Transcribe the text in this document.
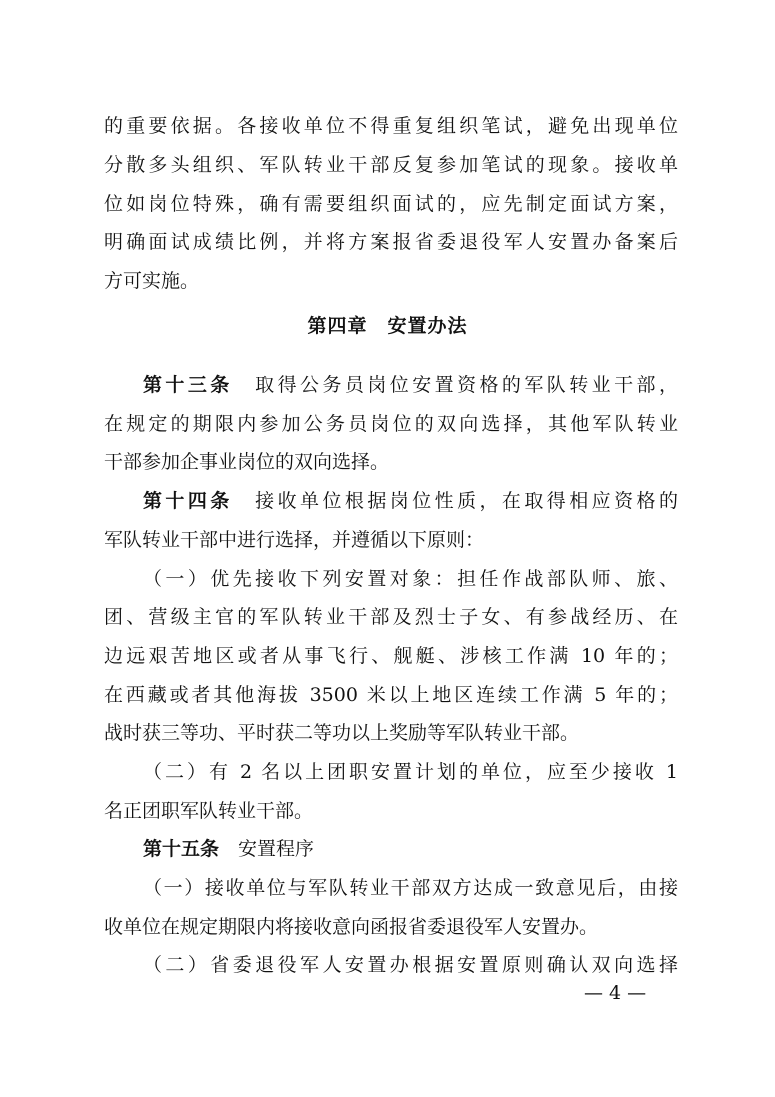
的重要依据。各接收单位不得重复组织笔试，避免出现单位
分散多头组织、军队转业干部反复参加笔试的现象。接收单
位如岗位特殊，确有需要组织面试的，应先制定面试方案，
明确面试成绩比例，并将方案报省委退役军人安置办备案后
方可实施。
第四章　安置办法
第十三条　取得公务员岗位安置资格的军队转业干部，
在规定的期限内参加公务员岗位的双向选择，其他军队转业
干部参加企事业岗位的双向选择。
第十四条　接收单位根据岗位性质，在取得相应资格的
军队转业干部中进行选择，并遵循以下原则：
（一）优先接收下列安置对象：担任作战部队师、旅、
团、营级主官的军队转业干部及烈士子女、有参战经历、在
边远艰苦地区或者从事飞行、舰艇、涉核工作满 10 年的；
在西藏或者其他海拔 3500 米以上地区连续工作满 5 年的；
战时获三等功、平时获二等功以上奖励等军队转业干部。
（二）有 2 名以上团职安置计划的单位，应至少接收 1
名正团职军队转业干部。
第十五条　安置程序
（一）接收单位与军队转业干部双方达成一致意见后，由接
收单位在规定期限内将接收意向函报省委退役军人安置办。
（二）省委退役军人安置办根据安置原则确认双向选择
— 4 —
